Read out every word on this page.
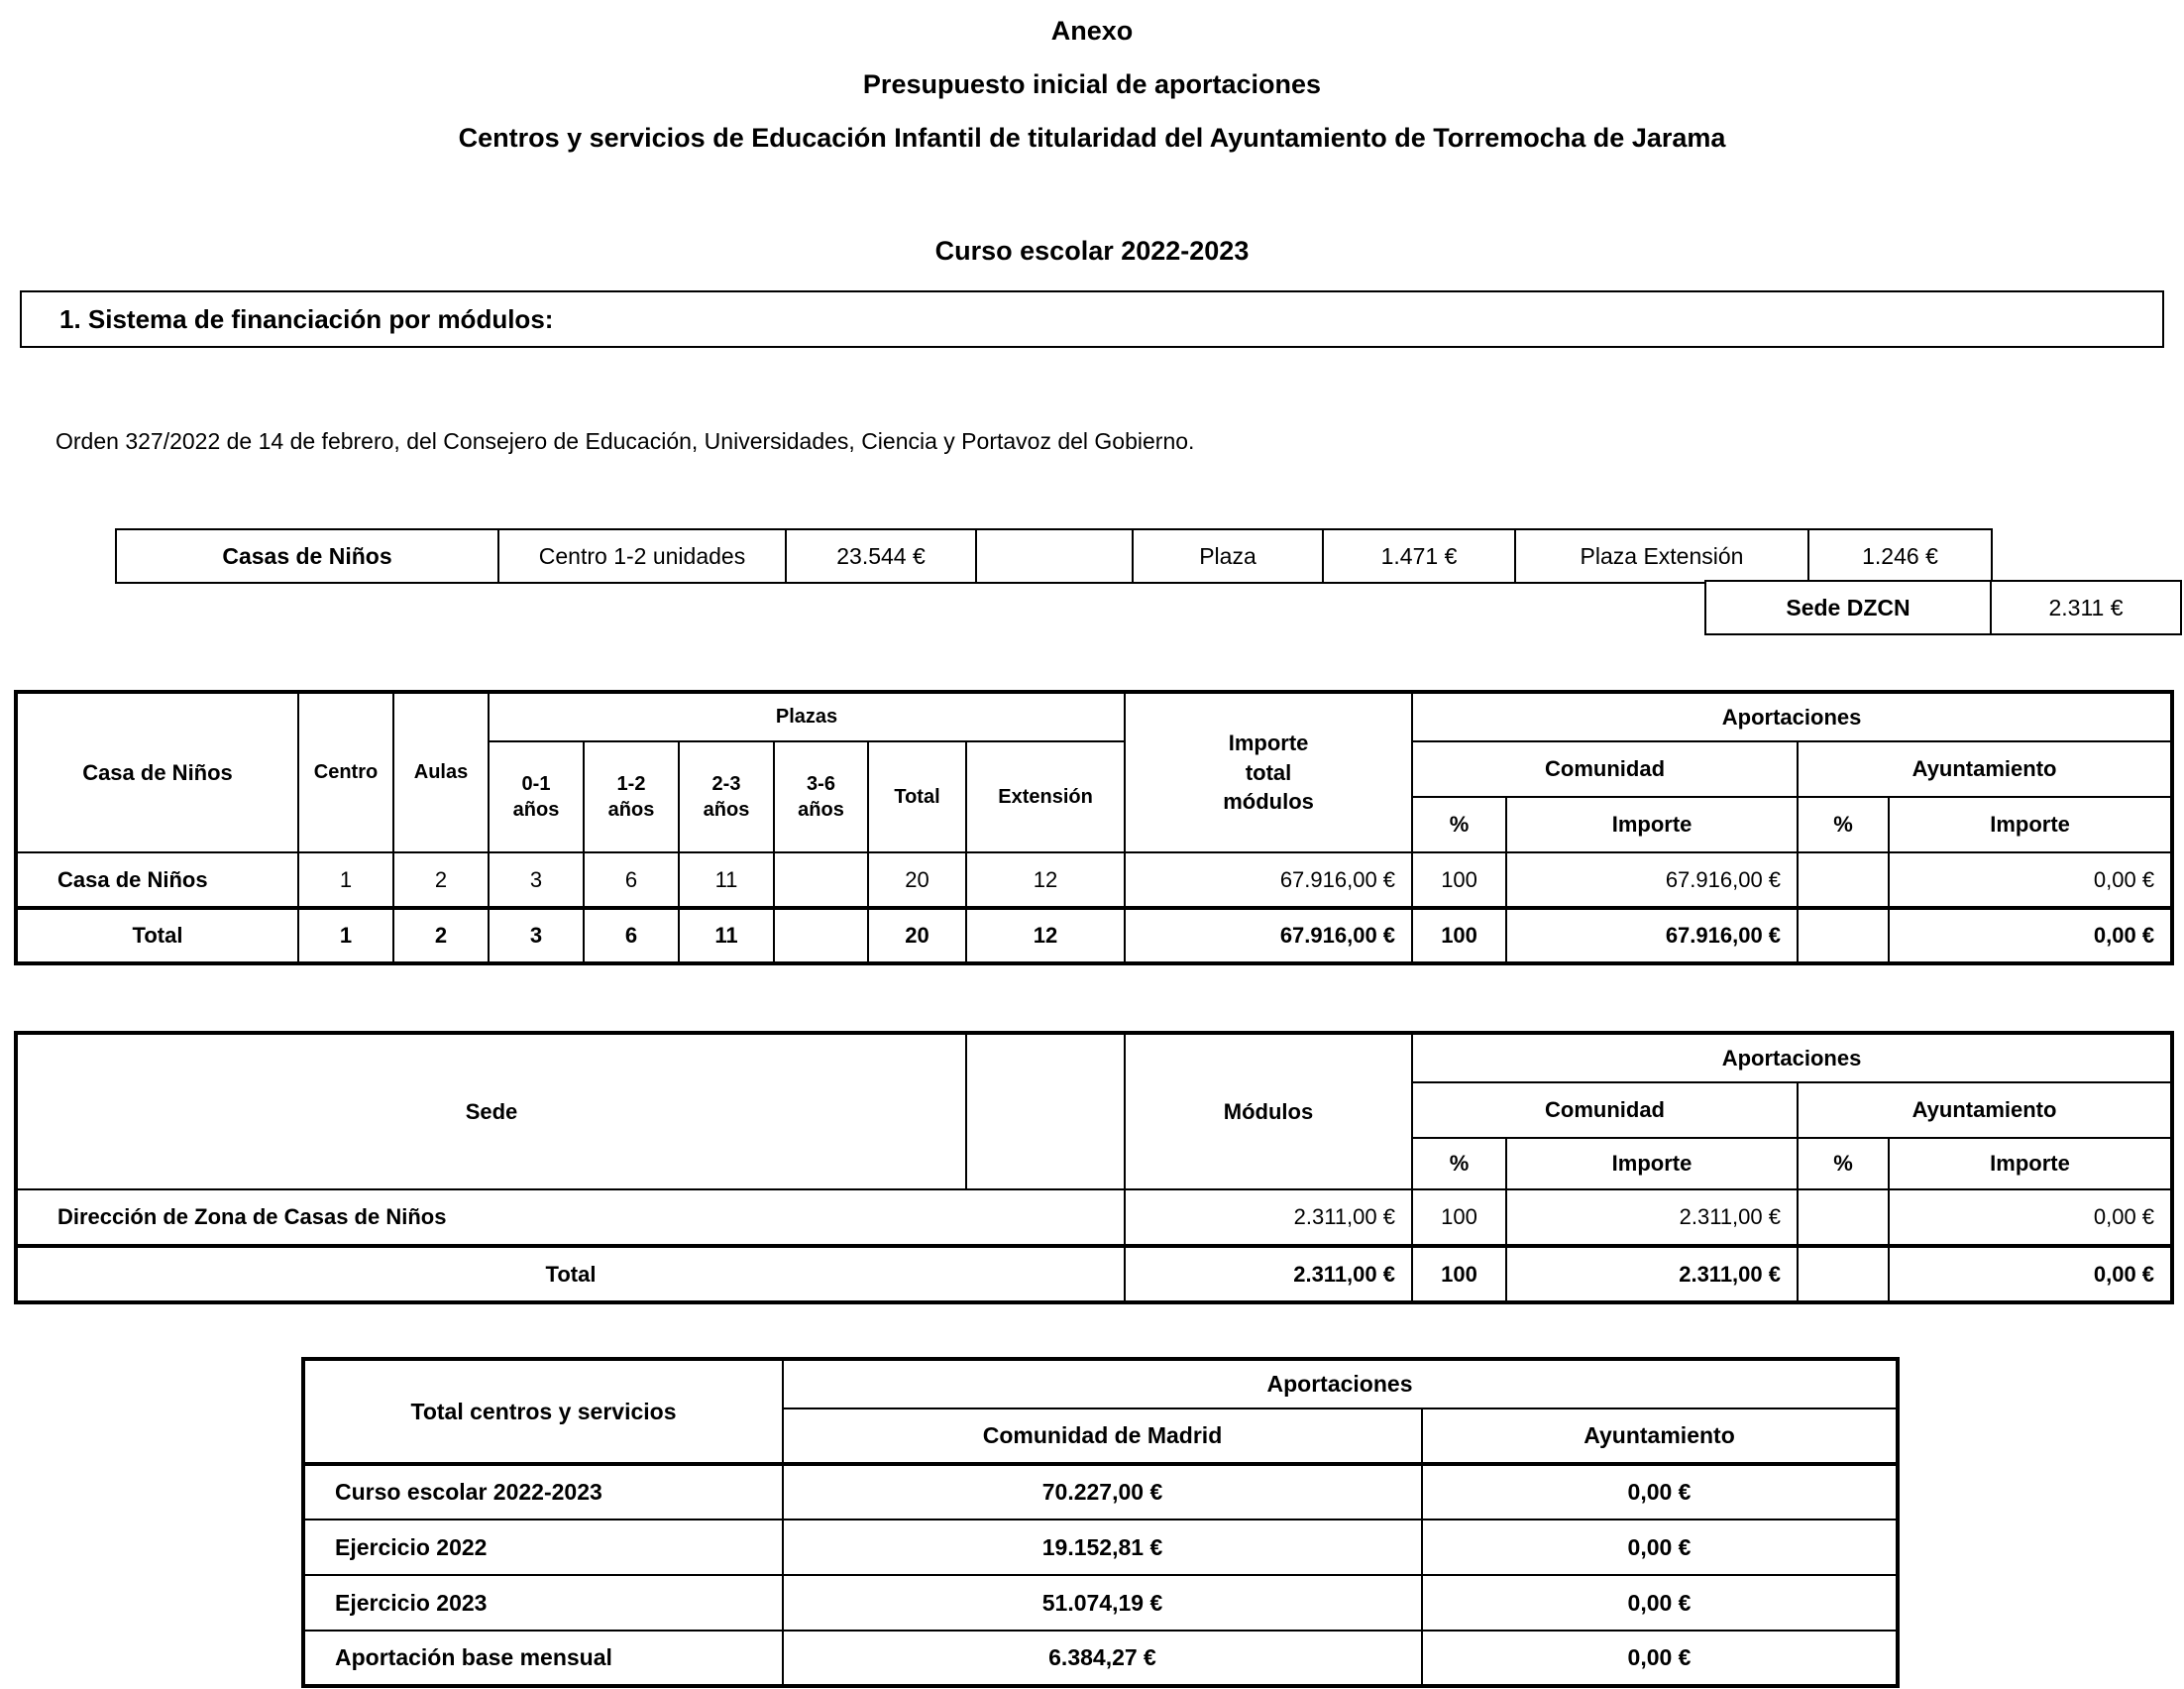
Anexo
Presupuesto inicial de aportaciones
Centros y servicios de Educación Infantil de titularidad del Ayuntamiento de Torremocha de Jarama
Curso escolar 2022-2023
1. Sistema de financiación por módulos:
Orden 327/2022 de 14 de febrero, del Consejero de Educación, Universidades, Ciencia y Portavoz del Gobierno.
Casas de Niños	Centro 1-2 unidades	23.544 €		Plaza	1.471 €	Plaza Extensión	1.246 €
Sede DZCN	2.311 €
Casa de Niños	Centro	Aulas	Plazas						Importe total módulos	Aportaciones			
			0-1 años	1-2 años	2-3 años	3-6 años	Total	Extensión		Comunidad		Ayuntamiento	
										%	Importe	%	Importe
Casa de Niños	1	2	3	6	11		20	12	67.916,00 €	100	67.916,00 €		0,00 €
Total	1	2	3	6	11		20	12	67.916,00 €	100	67.916,00 €		0,00 €
Sede		Módulos	Aportaciones			
			Comunidad		Ayuntamiento	
			%	Importe	%	Importe
Dirección de Zona de Casas de Niños		2.311,00 €	100	2.311,00 €		0,00 €
Total		2.311,00 €	100	2.311,00 €		0,00 €
Total centros y servicios	Aportaciones	
	Comunidad de Madrid	Ayuntamiento
Curso escolar 2022-2023	70.227,00 €	0,00 €
Ejercicio 2022	19.152,81 €	0,00 €
Ejercicio 2023	51.074,19 €	0,00 €
Aportación base mensual	6.384,27 €	0,00 €
